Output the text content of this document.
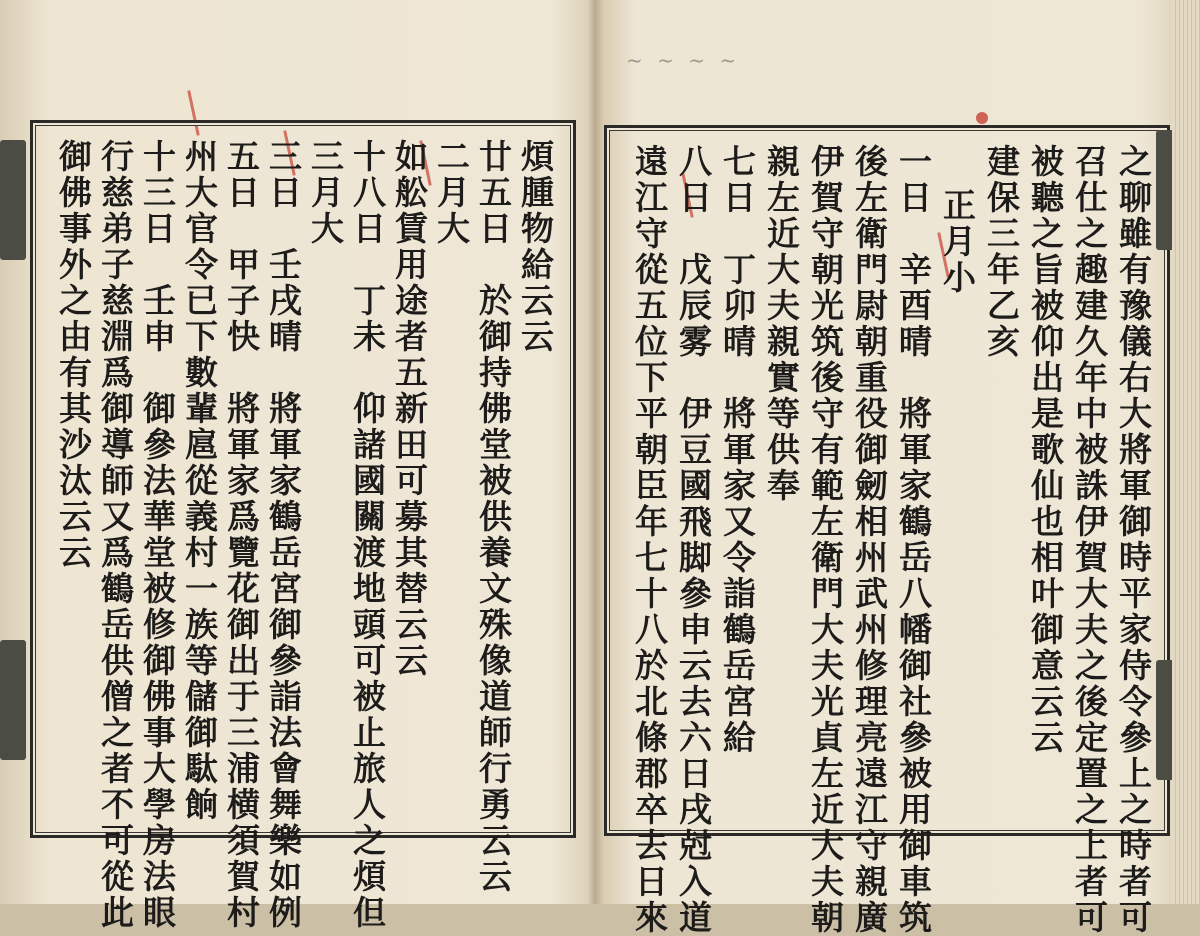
煩腫物給云云
廿五日　於御持佛堂被供養文殊像道師行勇云云
二月大
如舩賃用途者五新田可募其替云云
十八日　丁未　仰諸國關渡地頭可被止旅人之煩但
三月大
三日　壬戌晴　將軍家鶴岳宮御參詣法會舞樂如例
五日　甲子快　將軍家爲覽花御出于三浦横須賀村
州大官令已下數輩扈從義村一族等儲御駄餉
十三日　壬申　御參法華堂被修御佛事大學房法眼
行慈弟子慈淵爲御導師又爲鶴岳供僧之者不可從此
御佛事外之由有其沙汰云云
~ ~ ~ ~
之聊雖有豫儀右大將軍御時平家侍令參上之時者可
召仕之趣建久年中被誅伊賀大夫之後定置之上者可
被聽之旨被仰出是歌仙也相叶御意云云
建保三年乙亥
正月小
一日　辛酉晴　將軍家鶴岳八幡御社參被用御車筑
後左衛門尉朝重役御劒相州武州修理亮遠江守親廣
伊賀守朝光筑後守有範左衛門大夫光貞左近大夫朝
親左近大夫親實等供奉
七日　丁卯晴　將軍家又令詣鶴岳宮給
八日　戊辰雾　伊豆國飛脚參申云去六日戌尅入道
遠江守從五位下平朝臣年七十八於北條郡卒去日來
